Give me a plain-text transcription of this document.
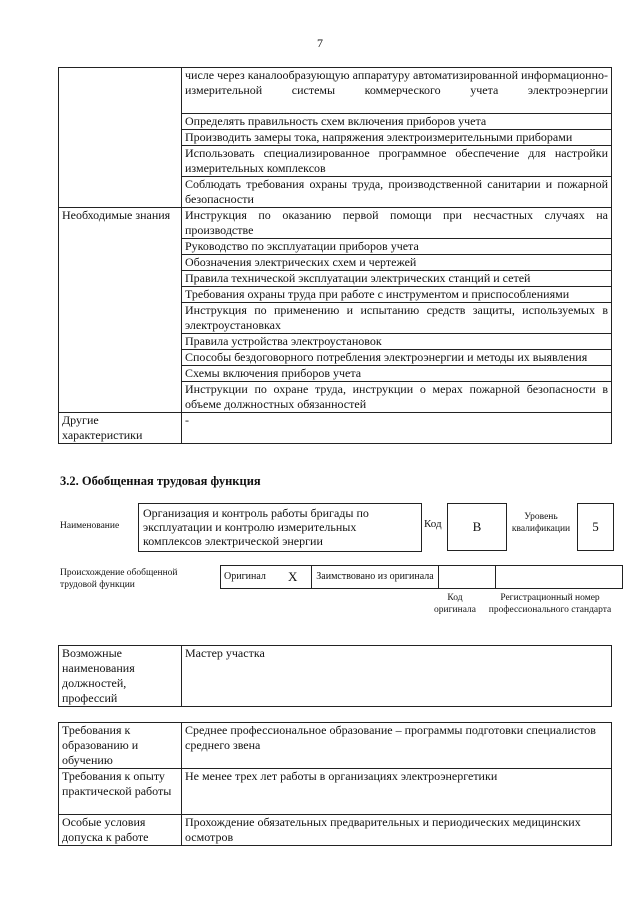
7
	числе через каналообразующую аппаратуру автоматизированной информационно-измерительной системы коммерческого учета электроэнергии
	Определять правильность схем включения приборов учета
	Производить замеры тока, напряжения электроизмерительными приборами
	Использовать специализированное программное обеспечение для настройки измерительных комплексов
	Соблюдать требования охраны труда, производственной санитарии и пожарной безопасности
Необходимые знания	Инструкция по оказанию первой помощи при несчастных случаях на производстве
	Руководство по эксплуатации приборов учета
	Обозначения электрических схем и чертежей
	Правила технической эксплуатации электрических станций и сетей
	Требования охраны труда при работе с инструментом и приспособлениями
	Инструкция по применению и испытанию средств защиты, используемых в электроустановках
	Правила устройства электроустановок
	Способы бездоговорного потребления электроэнергии и методы их выявления
	Схемы включения приборов учета
	Инструкции по охране труда, инструкции о мерах пожарной безопасности в объеме должностных обязанностей
Другие характеристики	-
3.2. Обобщенная трудовая функция
Наименование
Организация и контроль работы бригады по эксплуатации и контролю измерительных комплексов электрической энергии
Код	B
Уровень квалификации	5
Происхождение обобщенной трудовой функции
Оригинал	X	Заимствовано из оригинала		
Код оригинала
Регистрационный номер профессионального стандарта
Возможные наименования должностей, профессий	Мастер участка
Требования к образованию и обучению	Среднее профессиональное образование – программы подготовки специалистов среднего звена
Требования к опыту практической работы	Не менее трех лет работы в организациях электроэнергетики
Особые условия допуска к работе	Прохождение обязательных предварительных и периодических медицинских осмотров
